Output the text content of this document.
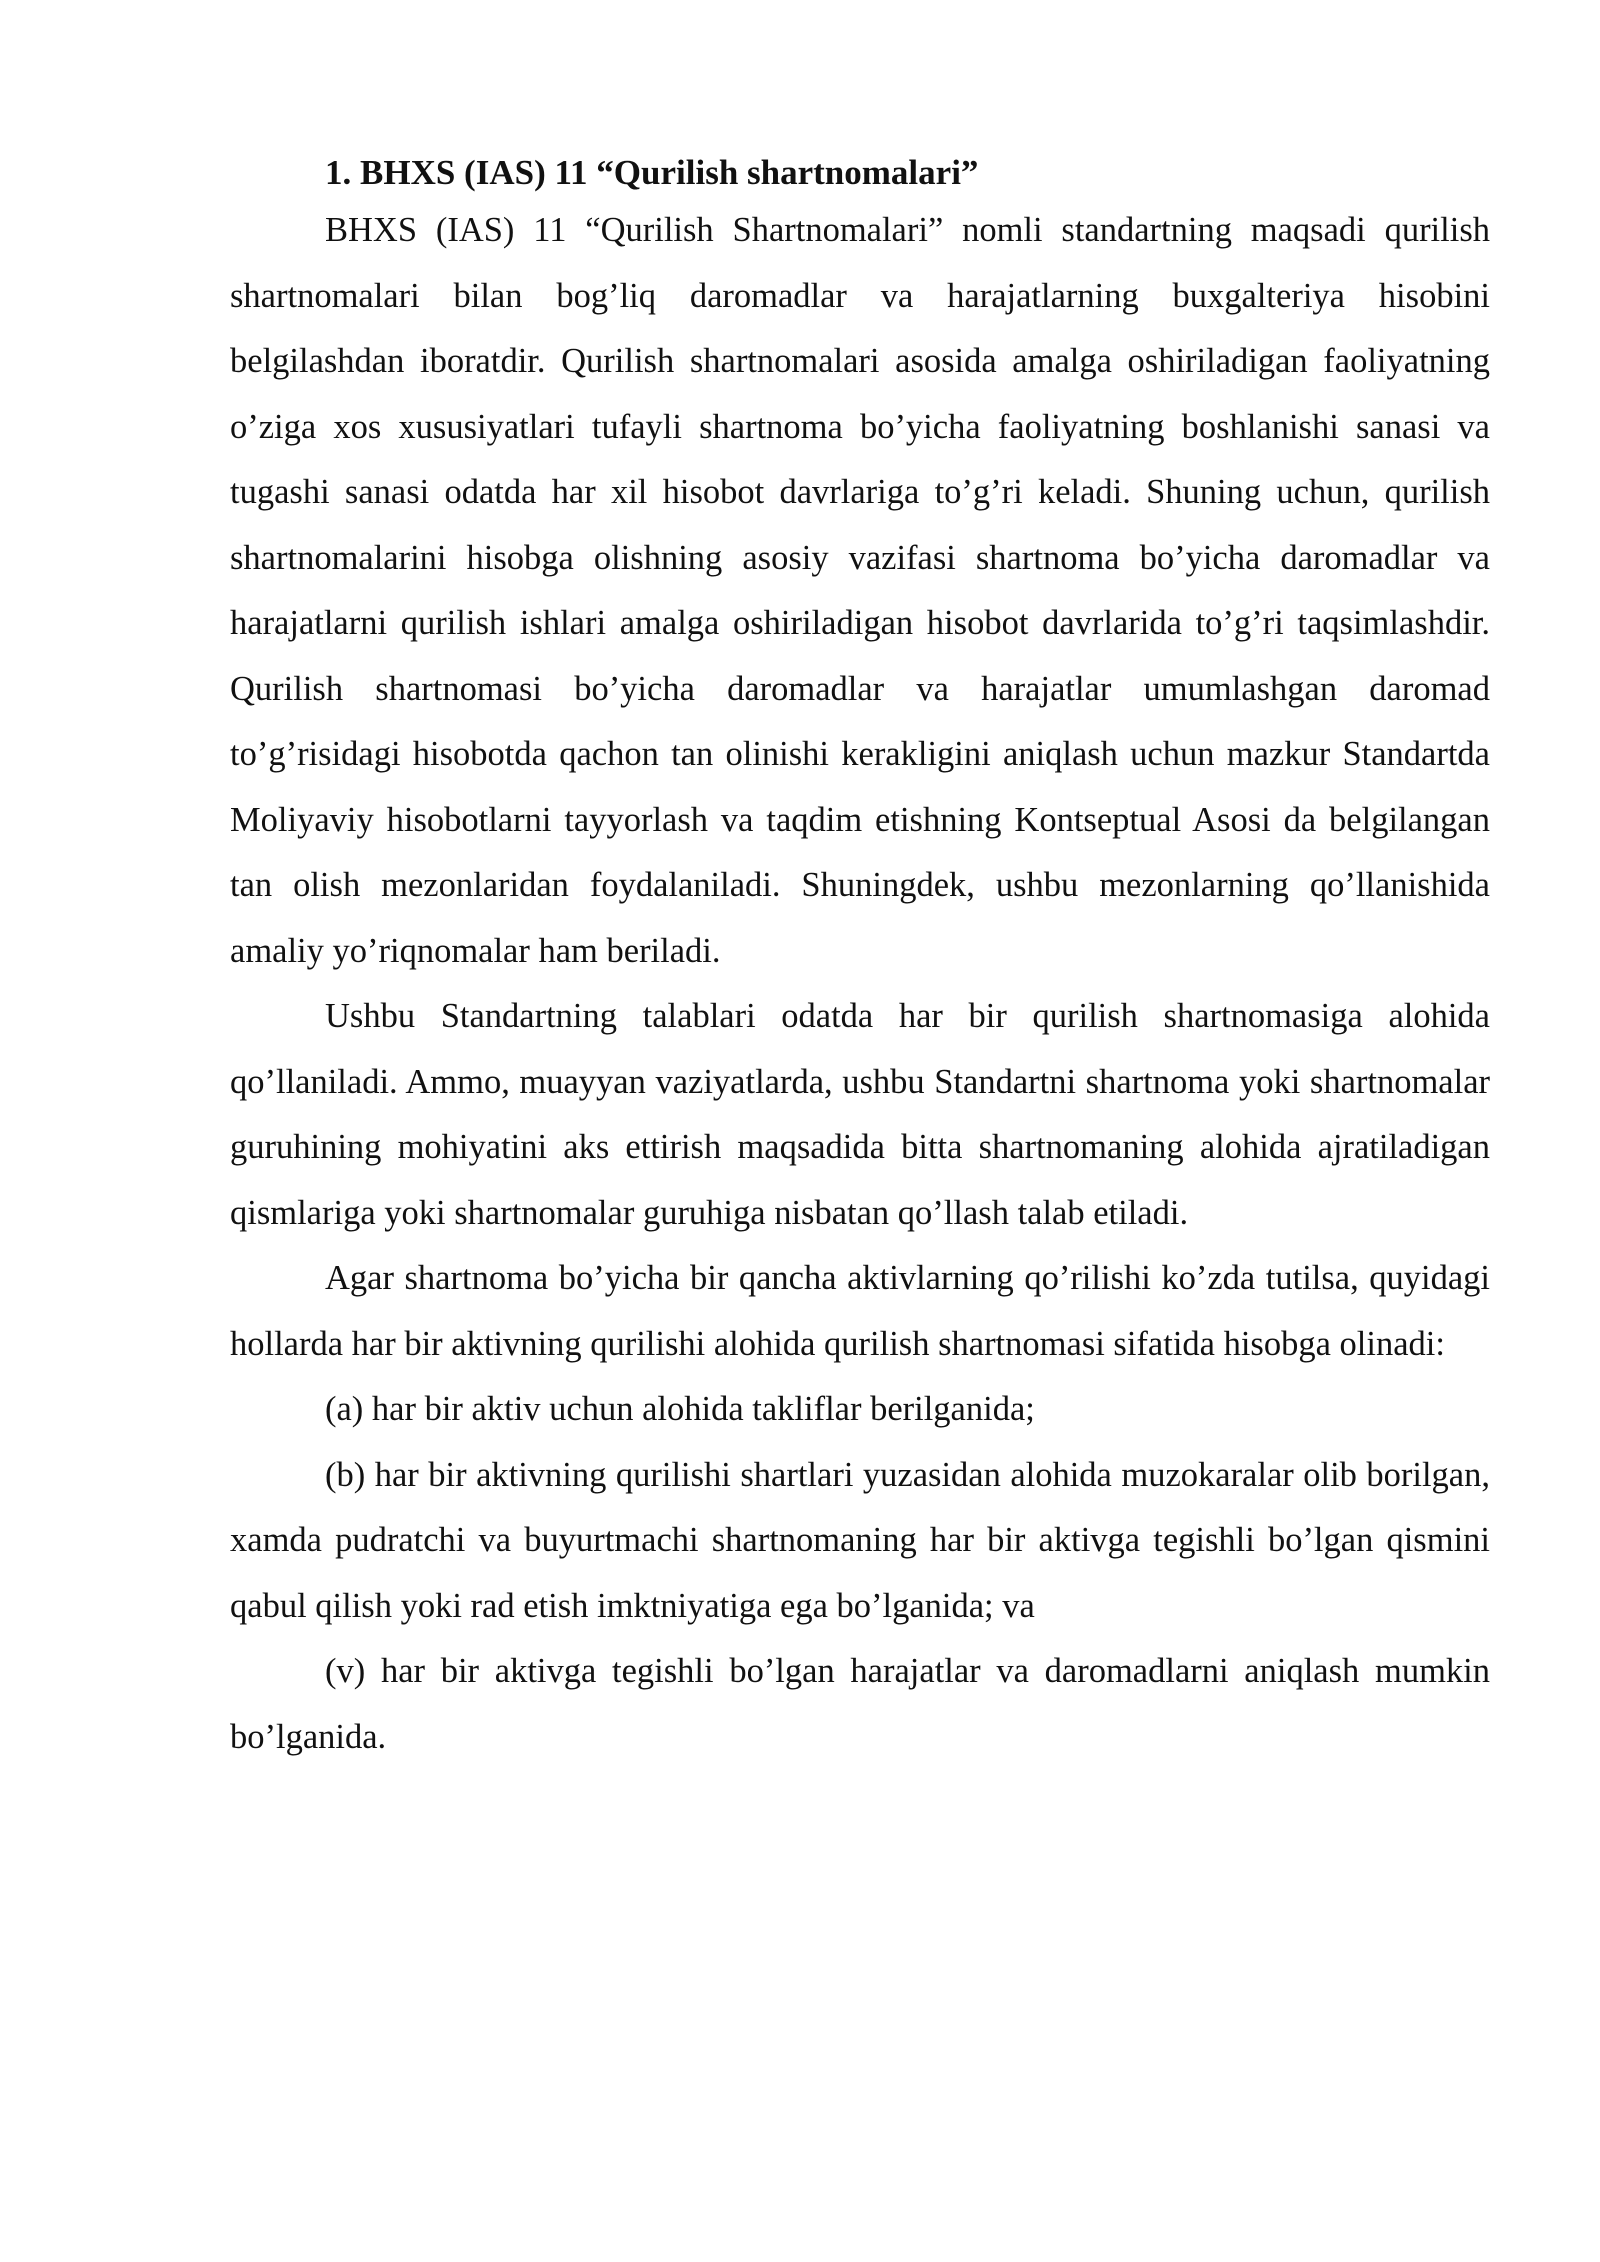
1. BHXS (IAS) 11 “Qurilish shartnomalari”

BHXS (IAS) 11 “Qurilish Shartnomalari” nomli standartning maqsadi qurilish shartnomalari bilan bog’liq daromadlar va harajatlarning buxgalteriya hisobini belgilashdan iboratdir. Qurilish shartnomalari asosida amalga oshiriladigan faoliyatning o’ziga xos xususiyatlari tufayli shartnoma bo’yicha faoliyatning boshlanishi sanasi va tugashi sanasi odatda har xil hisobot davrlariga to’g’ri keladi. Shuning uchun, qurilish shartnomalarini hisobga olishning asosiy vazifasi shartnoma bo’yicha daromadlar va harajatlarni qurilish ishlari amalga oshiriladigan hisobot davrlarida to’g’ri taqsimlashdir. Qurilish shartnomasi bo’yicha daromadlar va harajatlar umumlashgan daromad to’g’risidagi hisobotda qachon tan olinishi kerakligini aniqlash uchun mazkur Standartda Moliyaviy hisobotlarni tayyorlash va taqdim etishning Kontseptual Asosi da belgilangan tan olish mezonlaridan foydalaniladi. Shuningdek, ushbu mezonlarning qo’llanishida amaliy yo’riqnomalar ham beriladi.

Ushbu Standartning talablari odatda har bir qurilish shartnomasiga alohida qo’llaniladi. Ammo, muayyan vaziyatlarda, ushbu Standartni shartnoma yoki shartnomalar guruhining mohiyatini aks ettirish maqsadida bitta shartnomaning alohida ajratiladigan qismlariga yoki shartnomalar guruhiga nisbatan qo’llash talab etiladi.

Agar shartnoma bo’yicha bir qancha aktivlarning qo’rilishi ko’zda tutilsa, quyidagi hollarda har bir aktivning qurilishi alohida qurilish shartnomasi sifatida hisobga olinadi:

(a) har bir aktiv uchun alohida takliflar berilganida;

(b) har bir aktivning qurilishi shartlari yuzasidan alohida muzokaralar olib borilgan, xamda pudratchi va buyurtmachi shartnomaning har bir aktivga tegishli bo’lgan qismini qabul qilish yoki rad etish imktniyatiga ega bo’lganida; va

(v) har bir aktivga tegishli bo’lgan harajatlar va daromadlarni aniqlash mumkin bo’lganida.
